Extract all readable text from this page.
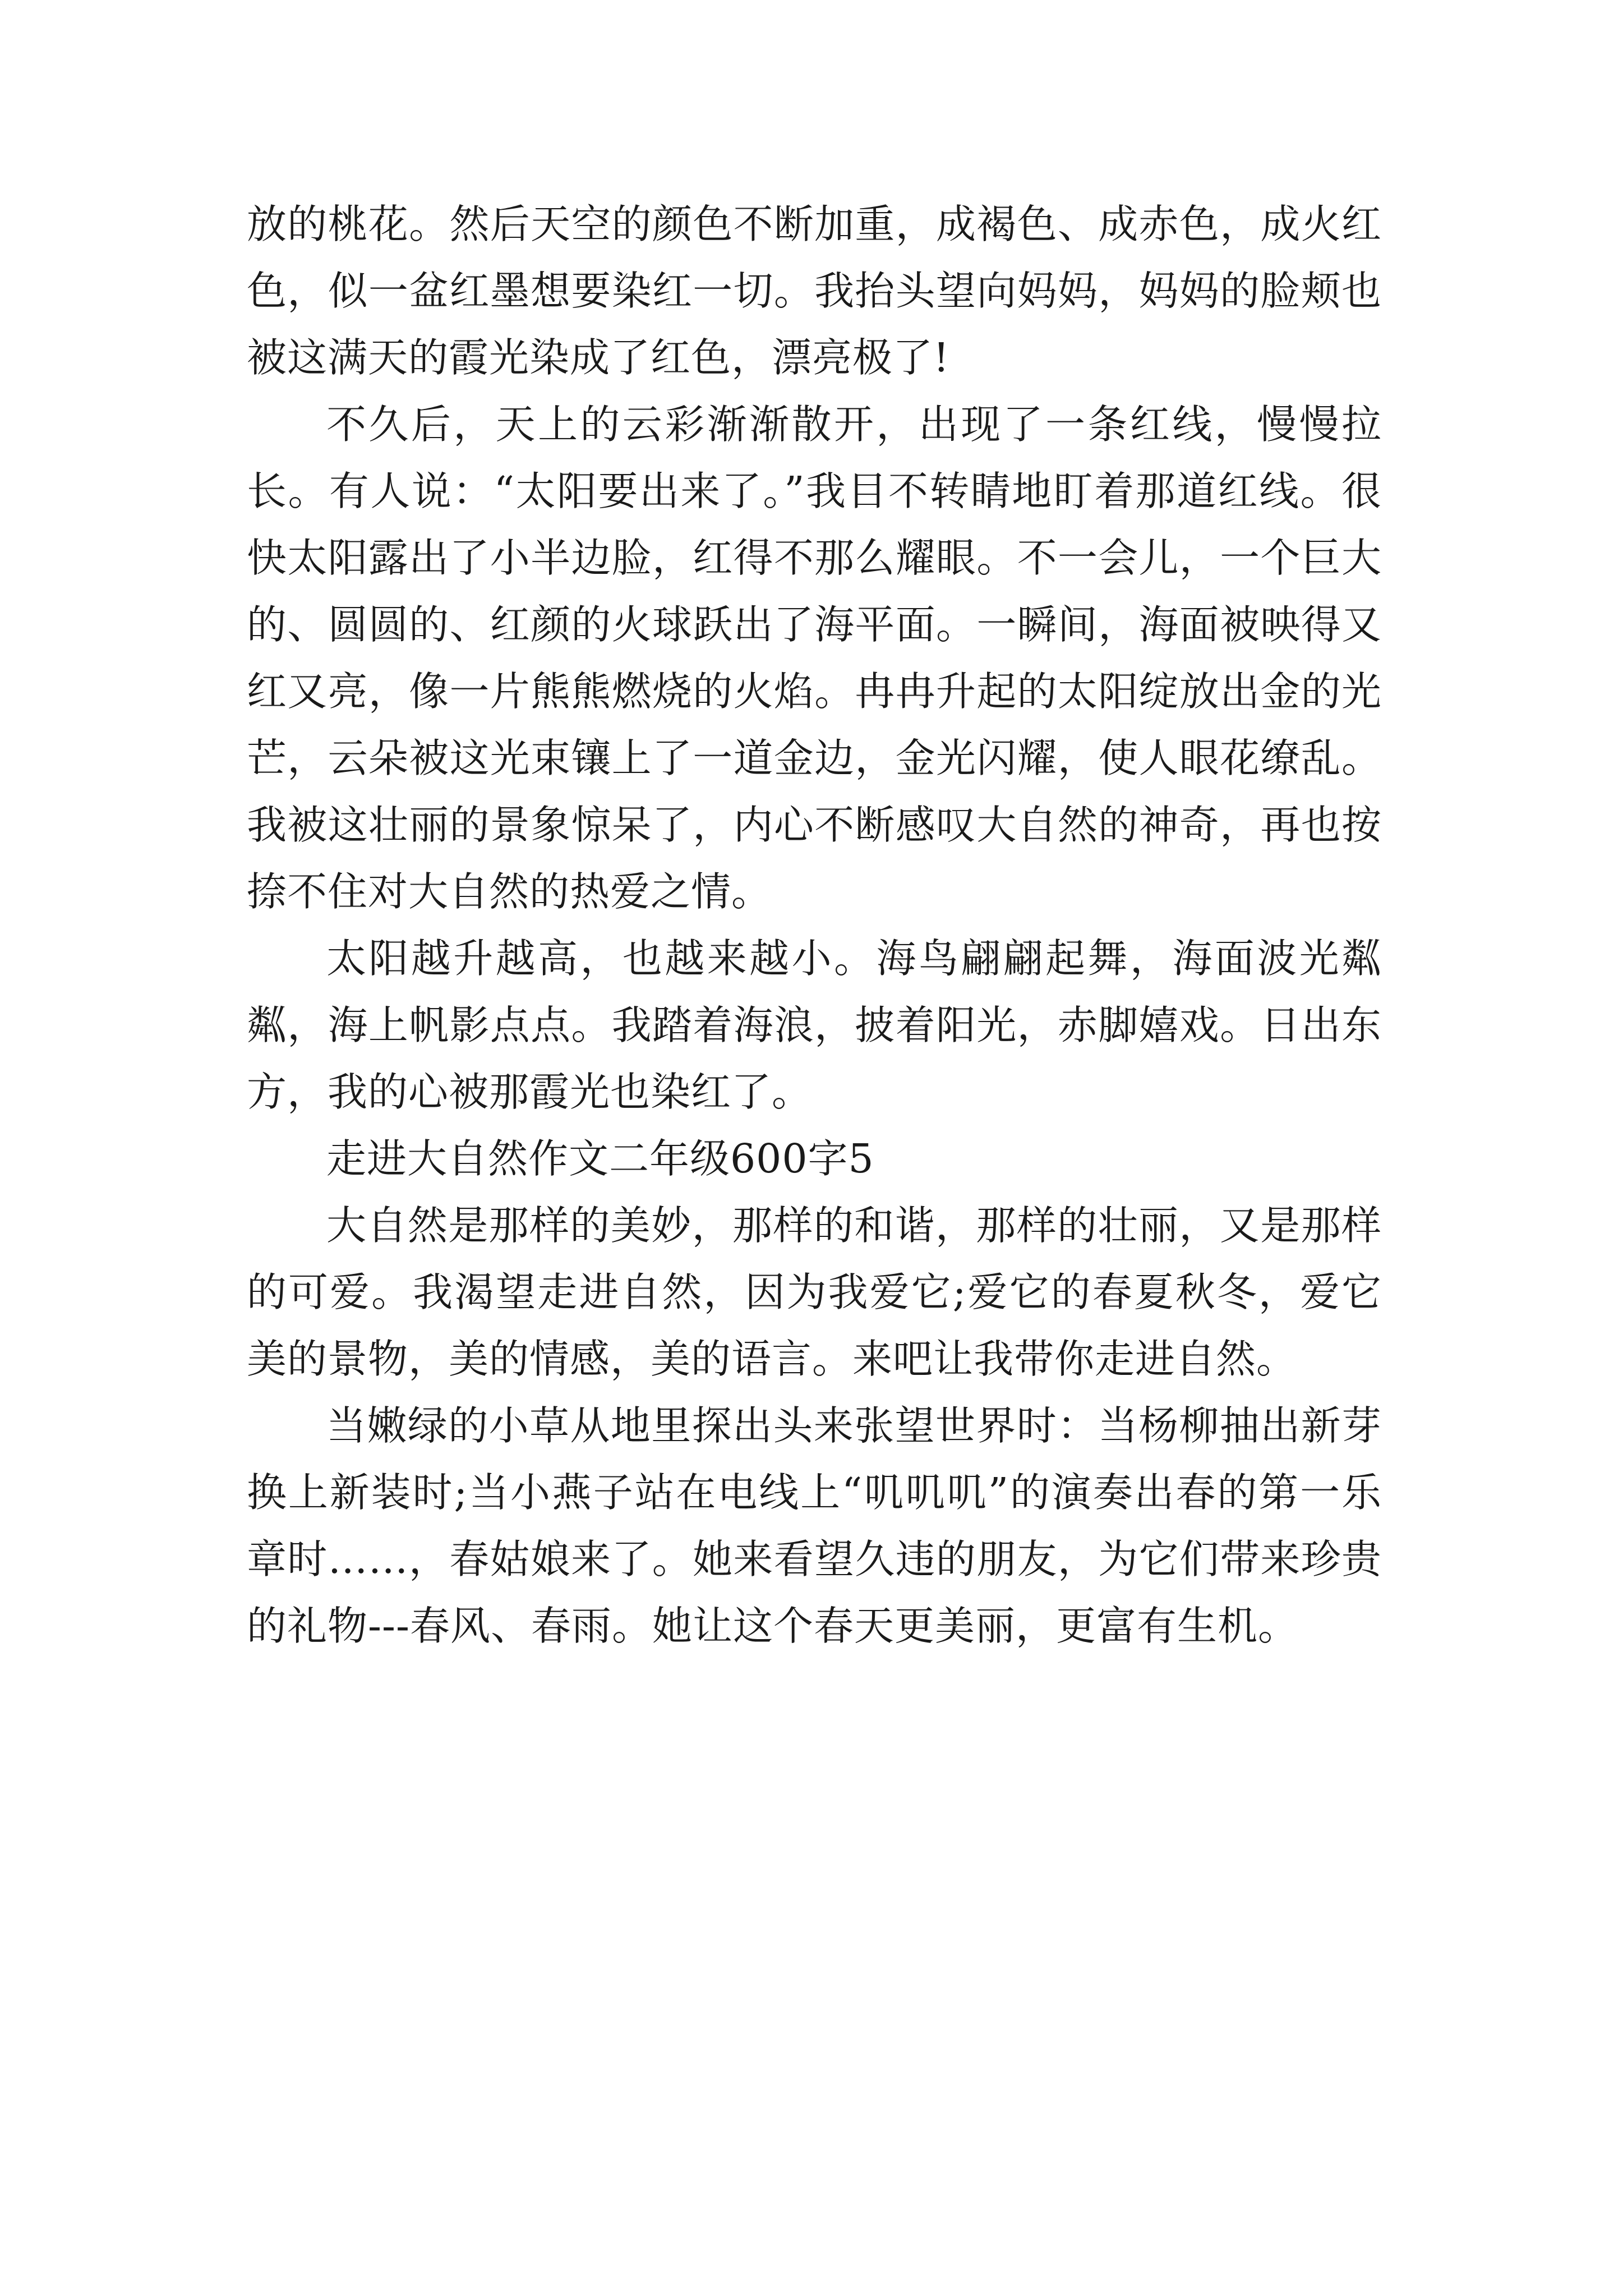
放的桃花。然后天空的颜色不断加重，成褐色、成赤色，成火红色，似一盆红墨想要染红一切。我抬头望向妈妈，妈妈的脸颊也被这满天的霞光染成了红色，漂亮极了!

不久后，天上的云彩渐渐散开，出现了一条红线，慢慢拉长。有人说：“太阳要出来了。”我目不转睛地盯着那道红线。很快太阳露出了小半边脸，红得不那么耀眼。不一会儿，一个巨大的、圆圆的、红颜的火球跃出了海平面。一瞬间，海面被映得又红又亮，像一片熊熊燃烧的火焰。冉冉升起的太阳绽放出金的光芒，云朵被这光束镶上了一道金边，金光闪耀，使人眼花缭乱。我被这壮丽的景象惊呆了，内心不断感叹大自然的神奇，再也按捺不住对大自然的热爱之情。

太阳越升越高，也越来越小。海鸟翩翩起舞，海面波光粼粼，海上帆影点点。我踏着海浪，披着阳光，赤脚嬉戏。日出东方，我的心被那霞光也染红了。

走进大自然作文二年级600字5

大自然是那样的美妙，那样的和谐，那样的壮丽，又是那样的可爱。我渴望走进自然，因为我爱它;爱它的春夏秋冬，爱它美的景物，美的情感，美的语言。来吧让我带你走进自然。

当嫩绿的小草从地里探出头来张望世界时：当杨柳抽出新芽换上新装时;当小燕子站在电线上“叽叽叽”的演奏出春的第一乐章时……，春姑娘来了。她来看望久违的朋友，为它们带来珍贵的礼物---春风、春雨。她让这个春天更美丽，更富有生机。
